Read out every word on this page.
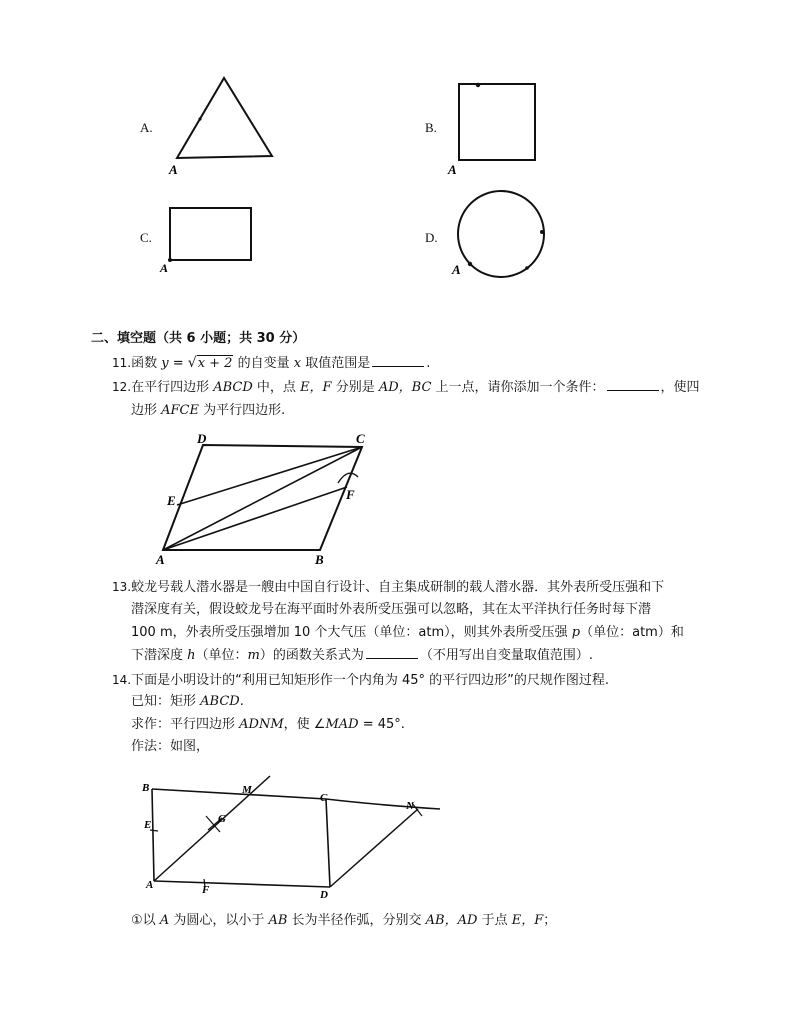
A.
A
B.
A
C.
A
D.
A
二、填空题（共 6 小题；共 30 分）
11.函数 y = √x + 2 的自变量 x 取值范围是	.
12.在平行四边形 ABCD 中，点 E，F 分别是 AD，BC 上一点，请你添加一个条件：	，使四
边形 AFCE 为平行四边形.
D	C
E	F
A	B
13.蛟龙号载人潜水器是一艘由中国自行设计、自主集成研制的载人潜水器．其外表所受压强和下
潜深度有关，假设蛟龙号在海平面时外表所受压强可以忽略，其在太平洋执行任务时每下潜
100 m，外表所受压强增加 10 个大气压（单位：atm），则其外表所受压强 p（单位：atm）和
下潜深度 h（单位：m）的函数关系式为	（不用写出自变量取值范围）.
14.下面是小明设计的“利用已知矩形作一个内角为 45° 的平行四边形”的尺规作图过程.
已知：矩形 ABCD.
求作：平行四边形 ADNM，使 ∠MAD = 45°.
作法：如图，
B	M
C
N
E	G
A	F	D
①以 A 为圆心，以小于 AB 长为半径作弧，分别交 AB，AD 于点 E，F；
